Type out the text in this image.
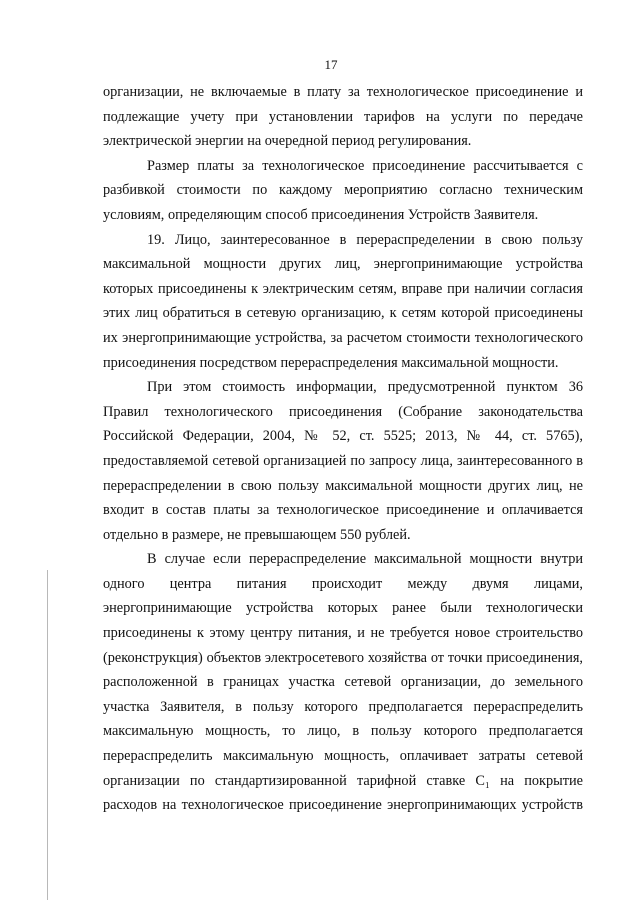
17

организации, не включаемые в плату за технологическое присоединение и подлежащие учету при установлении тарифов на услуги по передаче электрической энергии на очередной период регулирования.

Размер платы за технологическое присоединение рассчитывается с разбивкой стоимости по каждому мероприятию согласно техническим условиям, определяющим способ присоединения Устройств Заявителя.

19. Лицо, заинтересованное в перераспределении в свою пользу максимальной мощности других лиц, энергопринимающие устройства которых присоединены к электрическим сетям, вправе при наличии согласия этих лиц обратиться в сетевую организацию, к сетям которой присоединены их энергопринимающие устройства, за расчетом стоимости технологического присоединения посредством перераспределения максимальной мощности.

При этом стоимость информации, предусмотренной пунктом 36 Правил технологического присоединения (Собрание законодательства Российской Федерации, 2004, № 52, ст. 5525; 2013, № 44, ст. 5765), предоставляемой сетевой организацией по запросу лица, заинтересованного в перераспределении в свою пользу максимальной мощности других лиц, не входит в состав платы за технологическое присоединение и оплачивается отдельно в размере, не превышающем 550 рублей.

В случае если перераспределение максимальной мощности внутри одного центра питания происходит между двумя лицами, энергопринимающие устройства которых ранее были технологически присоединены к этому центру питания, и не требуется новое строительство (реконструкция) объектов электросетевого хозяйства от точки присоединения, расположенной в границах участка сетевой организации, до земельного участка Заявителя, в пользу которого предполагается перераспределить максимальную мощность, то лицо, в пользу которого предполагается перераспределить максимальную мощность, оплачивает затраты сетевой организации по стандартизированной тарифной ставке С₁ на покрытие расходов на технологическое присоединение энергопринимающих устройств
